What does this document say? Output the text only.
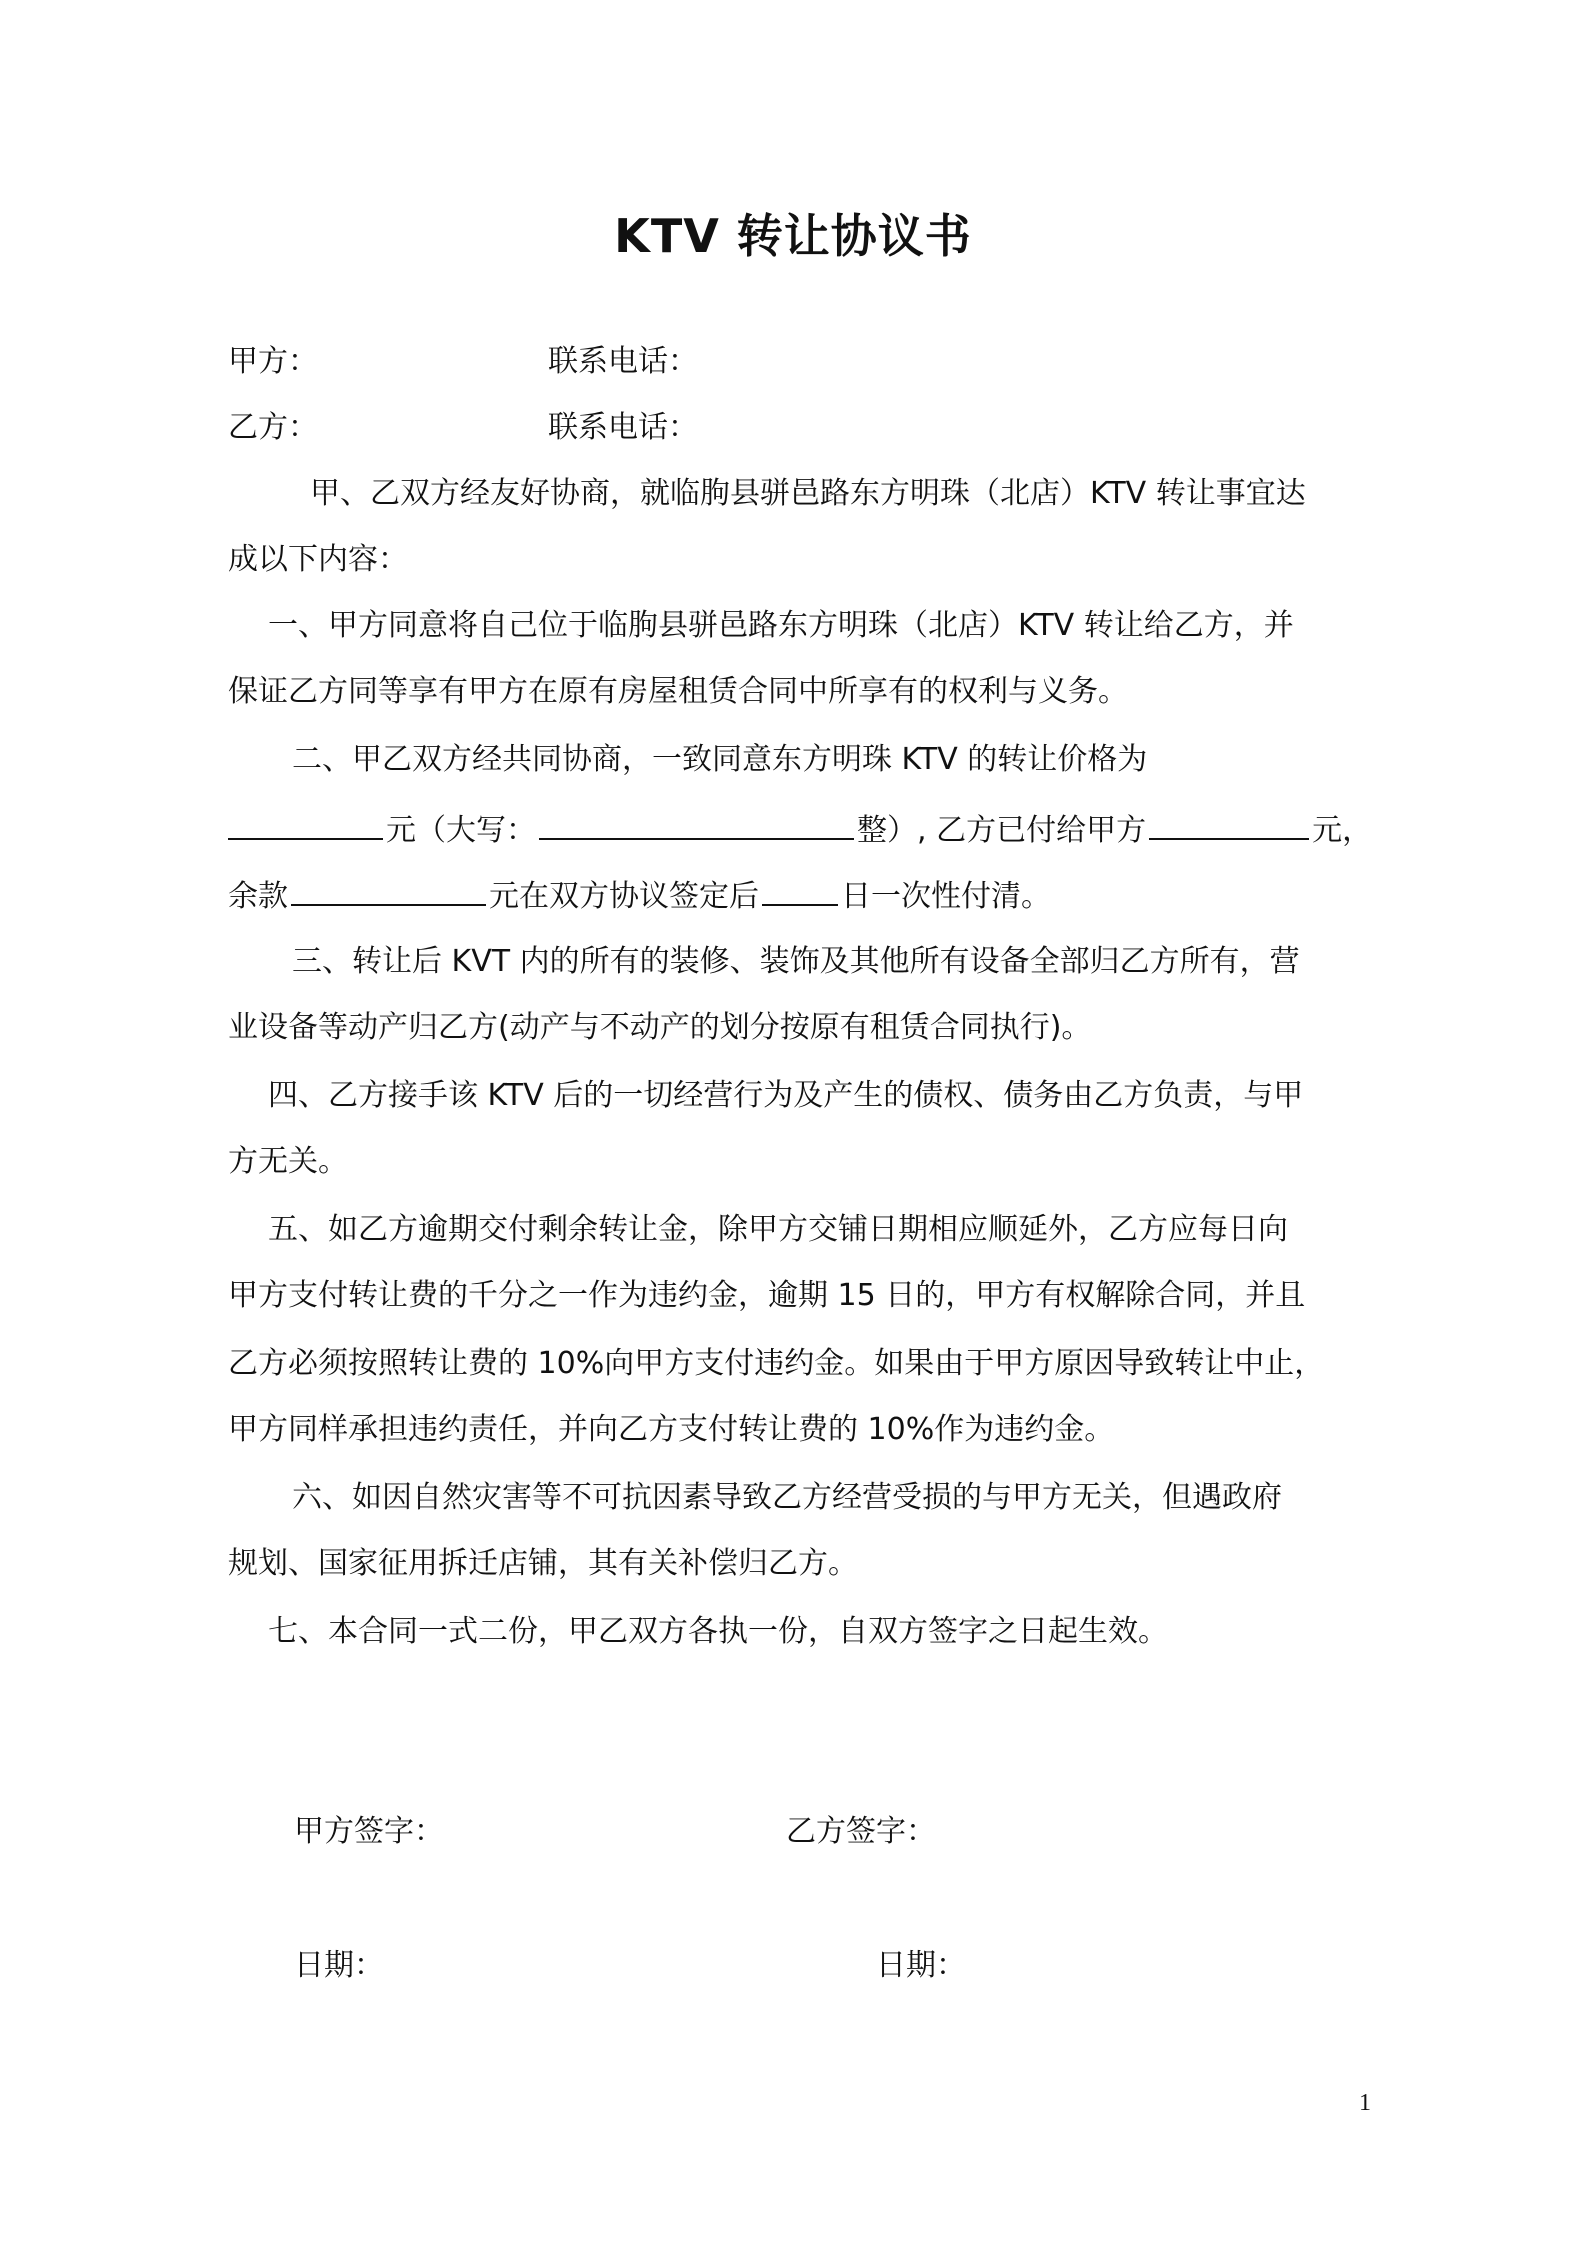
KTV 转让协议书
甲方：	联系电话：
乙方：	联系电话：
甲、乙双方经友好协商，就临朐县骈邑路东方明珠（北店）KTV 转让事宜达
成以下内容：
一、甲方同意将自己位于临朐县骈邑路东方明珠（北店）KTV 转让给乙方，并
保证乙方同等享有甲方在原有房屋租赁合同中所享有的权利与义务。
二、甲乙双方经共同协商，一致同意东方明珠 KTV 的转让价格为
元（大写：	整）, 乙方已付给甲方	元，
余款	元在双方协议签定后	日一次性付清。
三、转让后 KVT 内的所有的装修、装饰及其他所有设备全部归乙方所有，营
业设备等动产归乙方(动产与不动产的划分按原有租赁合同执行)。
四、乙方接手该 KTV 后的一切经营行为及产生的债权、债务由乙方负责，与甲
方无关。
五、如乙方逾期交付剩余转让金，除甲方交铺日期相应顺延外，乙方应每日向
甲方支付转让费的千分之一作为违约金，逾期 15 日的，甲方有权解除合同，并且
乙方必须按照转让费的 10%向甲方支付违约金。如果由于甲方原因导致转让中止，
甲方同样承担违约责任，并向乙方支付转让费的 10%作为违约金。
六、如因自然灾害等不可抗因素导致乙方经营受损的与甲方无关，但遇政府
规划、国家征用拆迁店铺，其有关补偿归乙方。
七、本合同一式二份，甲乙双方各执一份，自双方签字之日起生效。
甲方签字：	乙方签字：
日期：	日期：
1
